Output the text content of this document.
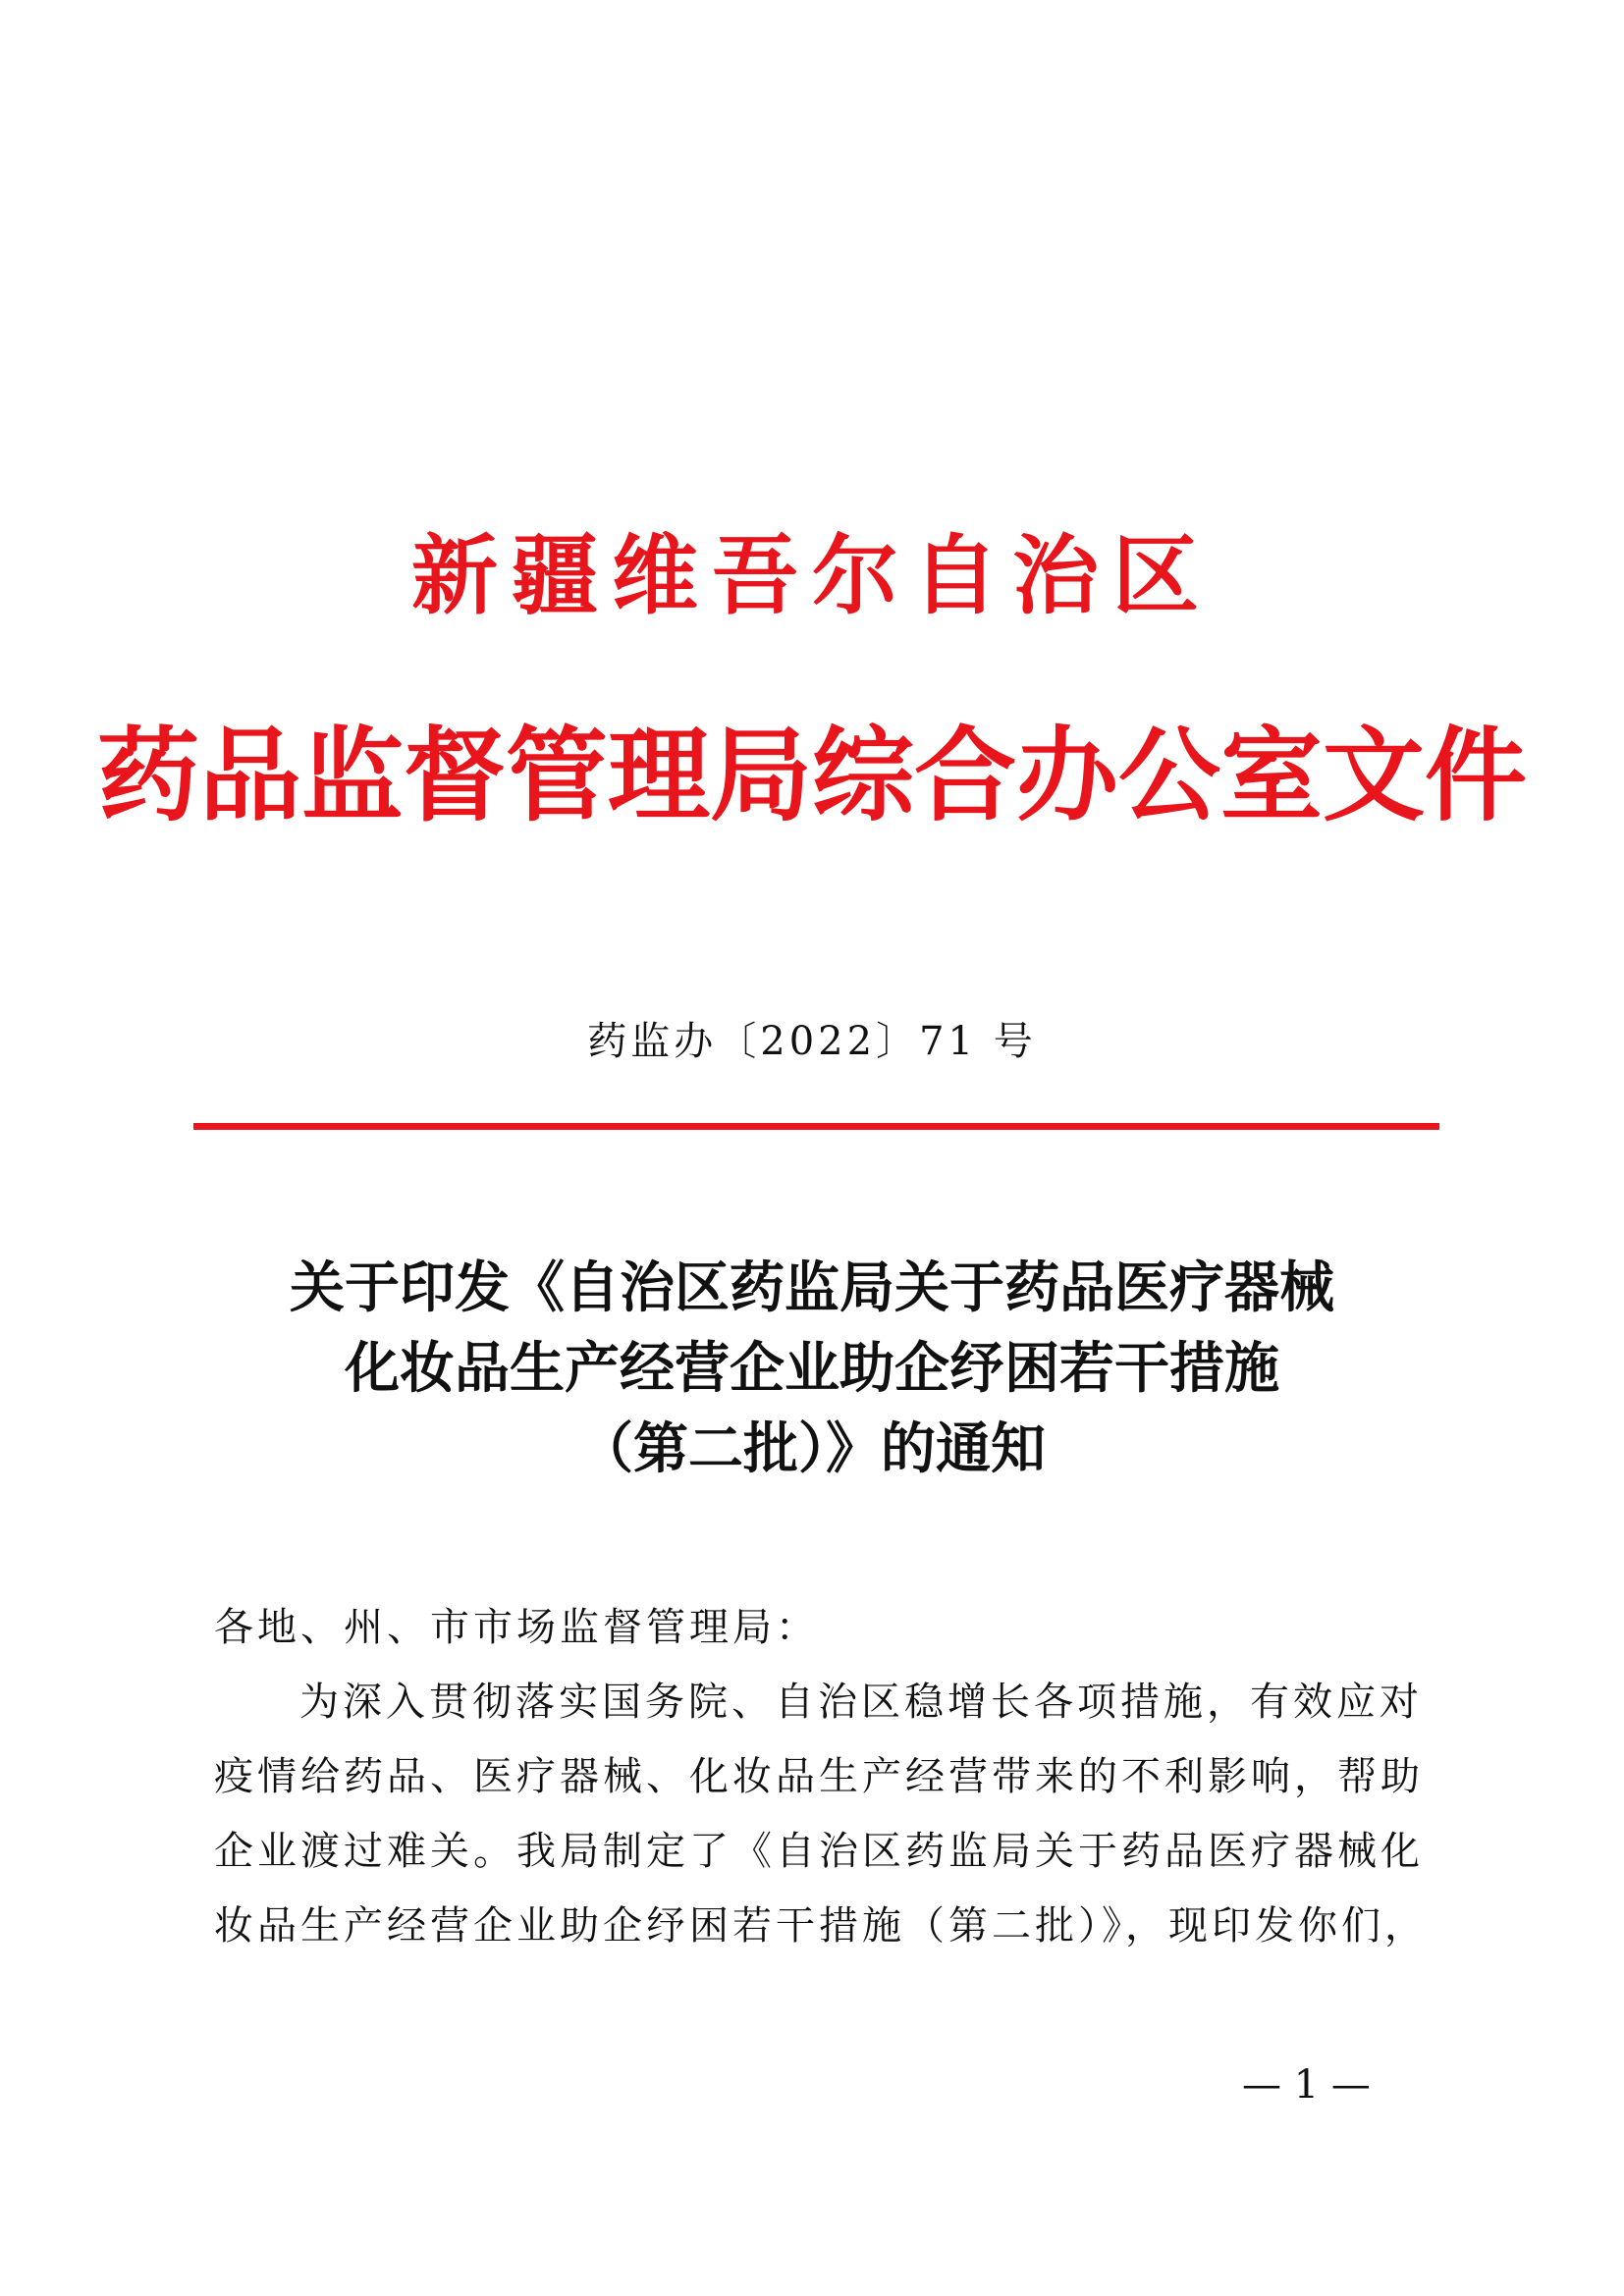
新疆维吾尔自治区
药品监督管理局综合办公室文件
药监办〔2022〕71 号
关于印发《自治区药监局关于药品医疗器械
化妆品生产经营企业助企纾困若干措施
（第二批）》的通知
各地、州、市市场监督管理局：
为深入贯彻落实国务院、自治区稳增长各项措施，有效应对
疫情给药品、医疗器械、化妆品生产经营带来的不利影响，帮助
企业渡过难关。我局制定了《自治区药监局关于药品医疗器械化
妆品生产经营企业助企纾困若干措施（第二批）》，现印发你们，
— 1 —
